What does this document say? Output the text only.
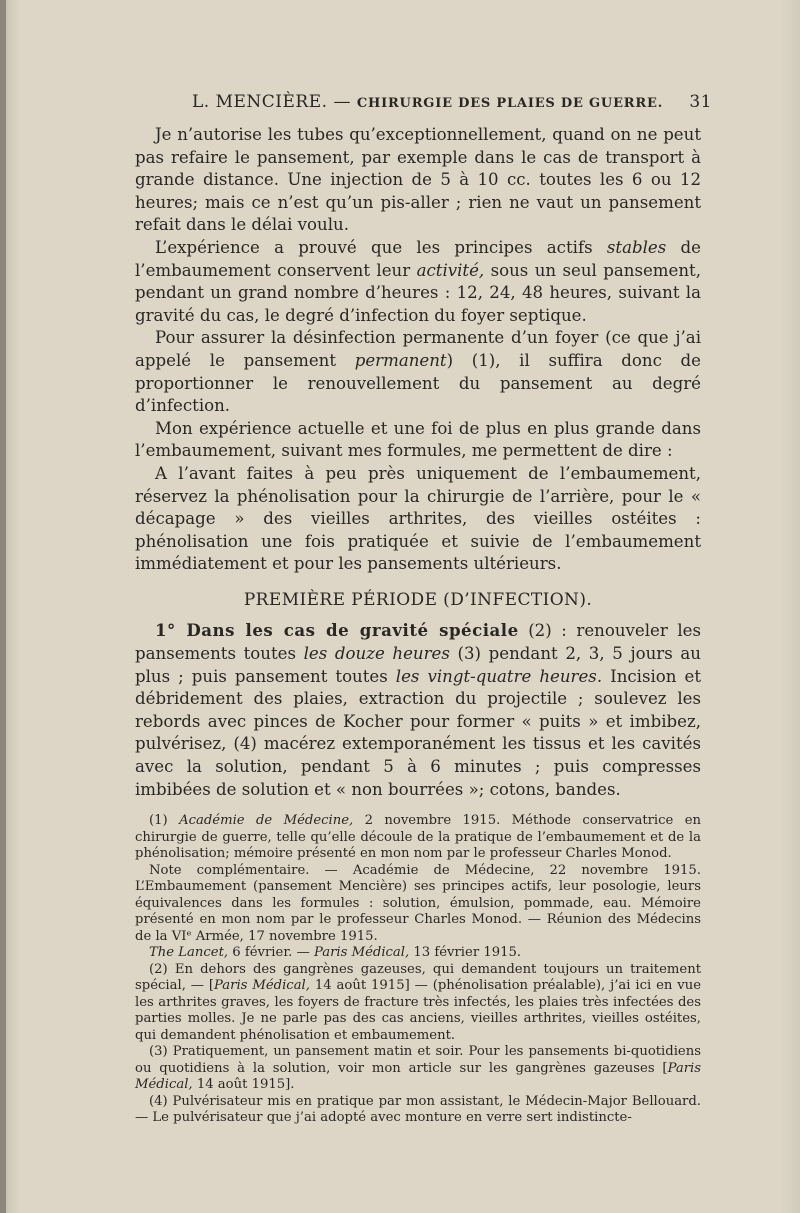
L. MENCIÈRE. — CHIRURGIE DES PLAIES DE GUERRE. 31

Je n’autorise les tubes qu’exceptionnellement, quand on ne peut pas refaire le pansement, par exemple dans le cas de transport à grande distance. Une injection de 5 à 10 cc. toutes les 6 ou 12 heures; mais ce n’est qu’un pis-aller ; rien ne vaut un pansement refait dans le délai voulu.

L’expérience a prouvé que les principes actifs stables de l’embaumement conservent leur activité, sous un seul pansement, pendant un grand nombre d’heures : 12, 24, 48 heures, suivant la gravité du cas, le degré d’infection du foyer septique.

Pour assurer la désinfection permanente d’un foyer (ce que j’ai appelé le pansement permanent) (1), il suffira donc de proportionner le renouvellement du pansement au degré d’infection.

Mon expérience actuelle et une foi de plus en plus grande dans l’embaumement, suivant mes formules, me permettent de dire :

A l’avant faites à peu près uniquement de l’embaumement, réservez la phénolisation pour la chirurgie de l’arrière, pour le « décapage » des vieilles arthrites, des vieilles ostéites : phénolisation une fois pratiquée et suivie de l’embaumement immédiatement et pour les pansements ultérieurs.

PREMIÈRE PÉRIODE (D’INFECTION).

1° Dans les cas de gravité spéciale (2) : renouveler les pansements toutes les douze heures (3) pendant 2, 3, 5 jours au plus ; puis pansement toutes les vingt-quatre heures. Incision et débridement des plaies, extraction du projectile ; soulevez les rebords avec pinces de Kocher pour former « puits » et imbibez, pulvérisez, (4) macérez extemporanément les tissus et les cavités avec la solution, pendant 5 à 6 minutes ; puis compresses imbibées de solution et « non bourrées »; cotons, bandes.

(1) Académie de Médecine, 2 novembre 1915. Méthode conservatrice en chirurgie de guerre, telle qu’elle découle de la pratique de l’embaumement et de la phénolisation; mémoire présenté en mon nom par le professeur Charles Monod.

Note complémentaire. — Académie de Médecine, 22 novembre 1915. L’Embaumement (pansement Mencière) ses principes actifs, leur posologie, leurs équivalences dans les formules : solution, émulsion, pommade, eau. Mémoire présenté en mon nom par le professeur Charles Monod. — Réunion des Médecins de la VIᵉ Armée, 17 novembre 1915.

The Lancet, 6 février. — Paris Médical, 13 février 1915.

(2) En dehors des gangrènes gazeuses, qui demandent toujours un traitement spécial, — [Paris Médical, 14 août 1915] — (phénolisation préalable), j’ai ici en vue les arthrites graves, les foyers de fracture très infectés, les plaies très infectées des parties molles. Je ne parle pas des cas anciens, vieilles arthrites, vieilles ostéites, qui demandent phénolisation et embaumement.

(3) Pratiquement, un pansement matin et soir. Pour les pansements bi-quotidiens ou quotidiens à la solution, voir mon article sur les gangrènes gazeuses [Paris Médical, 14 août 1915].

(4) Pulvérisateur mis en pratique par mon assistant, le Médecin-Major Bellouard. — Le pulvérisateur que j’ai adopté avec monture en verre sert indistincte-
